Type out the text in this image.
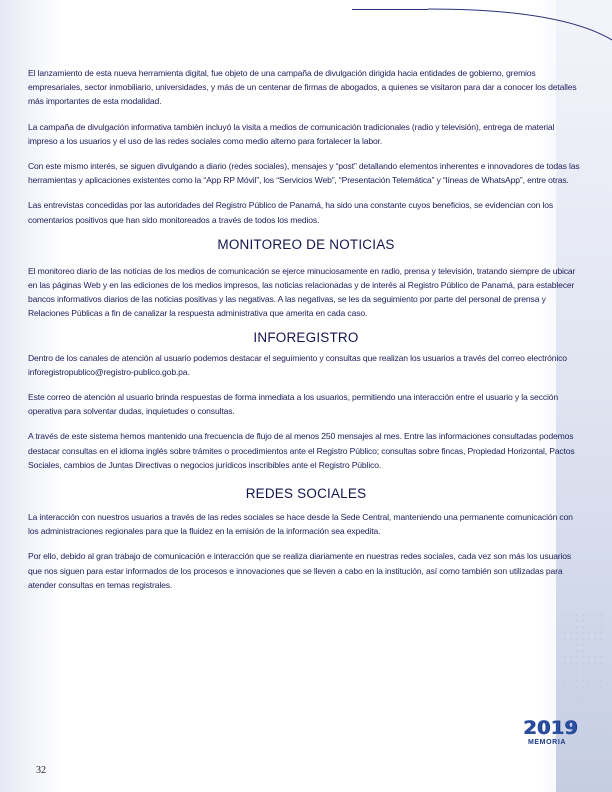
El lanzamiento de esta nueva herramienta digital, fue objeto de una campaña de divulgación dirigida hacia entidades de gobierno, gremios empresariales, sector inmobiliario, universidades, y más de un centenar de firmas de abogados, a quienes se visitaron para dar a conocer los detalles más importantes de esta modalidad.

La campaña de divulgación informativa también incluyó la visita a medios de comunicación tradicionales (radio y televisión), entrega de material impreso a los usuarios y el uso de las redes sociales como medio alterno para fortalecer la labor.

Con este mismo interés, se siguen divulgando a diario (redes sociales), mensajes y “post” detallando elementos inherentes e innovadores de todas las herramientas y aplicaciones existentes como la “App RP Móvil”, los “Servicios Web”, “Presentación Telemática” y “líneas de WhatsApp”, entre otras.

Las entrevistas concedidas por las autoridades del Registro Público de Panamá, ha sido una constante cuyos beneficios, se evidencian con los comentarios positivos que han sido monitoreados a través de todos los medios.

MONITOREO DE NOTICIAS

El monitoreo diario de las noticias de los medios de comunicación se ejerce minuciosamente en radio, prensa y televisión, tratando siempre de ubicar en las páginas Web y en las ediciones de los medios impresos, las noticias relacionadas y de interés al Registro Público de Panamá, para establecer bancos informativos diarios de las noticias positivas y las negativas. A las negativas, se les da seguimiento por parte del personal de prensa y Relaciones Públicas a fin de canalizar la respuesta administrativa que amerita en cada caso.

INFOREGISTRO

Dentro de los canales de atención al usuario podemos destacar el seguimiento y consultas que realizan los usuarios a través del correo electrónico inforegistropublico@registro-publico.gob.pa.

Este correo de atención al usuario brinda respuestas de forma inmediata a los usuarios, permitiendo una interacción entre el usuario y la sección operativa para solventar dudas, inquietudes o consultas.

A través de este sistema hemos mantenido una frecuencia de flujo de al menos 250 mensajes al mes. Entre las informaciones consultadas podemos destacar consultas en el idioma inglés sobre trámites o procedimientos ante el Registro Público; consultas sobre fincas, Propiedad Horizontal, Pactos Sociales, cambios de Juntas Directivas o negocios jurídicos inscribibles ante el Registro Público.

REDES SOCIALES

La interacción con nuestros usuarios a través de las redes sociales se hace desde la Sede Central, manteniendo una permanente comunicación con los administraciones regionales para que la fluidez en la emisión de la información sea expedita.

Por ello, debido al gran trabajo de comunicación e interacción que se realiza diariamente en nuestras redes sociales, cada vez son más los usuarios que nos siguen para estar informados de los procesos e innovaciones que se lleven a cabo en la institución, así como también son utilizadas para atender consultas en temas registrales.

32
2019
MEMORIA
